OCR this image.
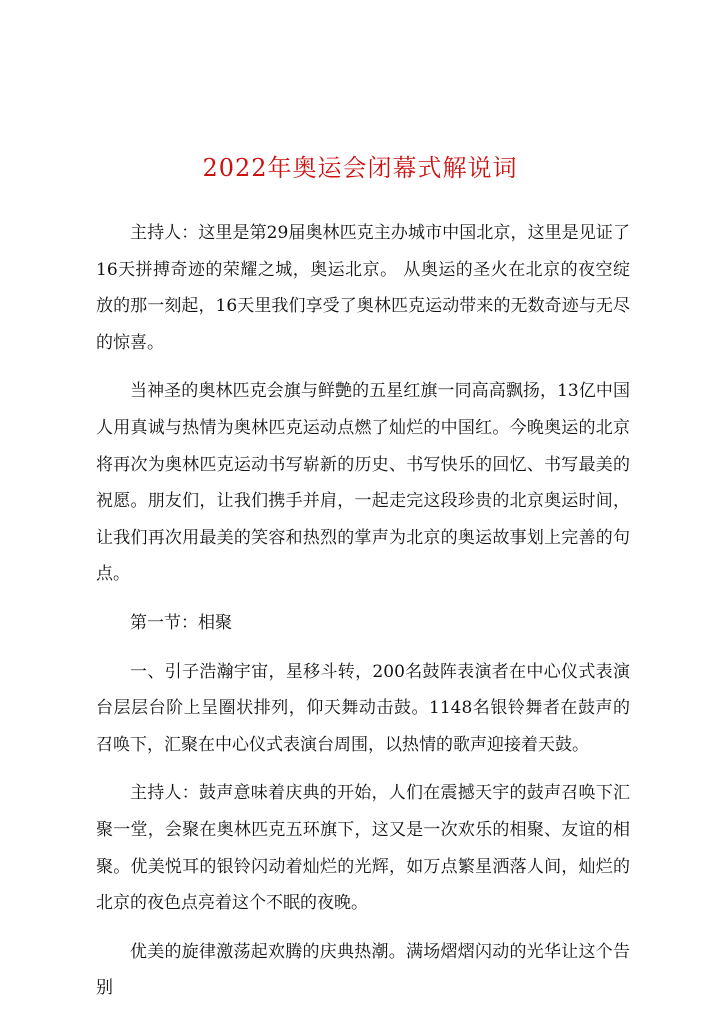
2022年奥运会闭幕式解说词

主持人：这里是第29届奥林匹克主办城市中国北京，这里是见证了16天拼搏奇迹的荣耀之城，奥运北京。 从奥运的圣火在北京的夜空绽放的那一刻起，16天里我们享受了奥林匹克运动带来的无数奇迹与无尽的惊喜。

当神圣的奥林匹克会旗与鲜艶的五星红旗一同高高飘扬，13亿中国人用真诚与热情为奥林匹克运动点燃了灿烂的中国红。今晚奥运的北京将再次为奥林匹克运动书写崭新的历史、书写快乐的回忆、书写最美的祝愿。朋友们，让我们携手并肩，一起走完这段珍贵的北京奥运时间，让我们再次用最美的笑容和热烈的掌声为北京的奥运故事划上完善的句点。

第一节：相聚

一、引子浩瀚宇宙，星移斗转，200名鼓阵表演者在中心仪式表演台层层台阶上呈圈状排列，仰天舞动击鼓。1148名银铃舞者在鼓声的召唤下，汇聚在中心仪式表演台周围，以热情的歌声迎接着天鼓。

主持人：鼓声意味着庆典的开始，人们在震撼天宇的鼓声召唤下汇聚一堂，会聚在奥林匹克五环旗下，这又是一次欢乐的相聚、友谊的相聚。优美悦耳的银铃闪动着灿烂的光辉，如万点繁星洒落人间，灿烂的北京的夜色点亮着这个不眠的夜晚。

优美的旋律激荡起欢腾的庆典热潮。满场熠熠闪动的光华让这个告别
